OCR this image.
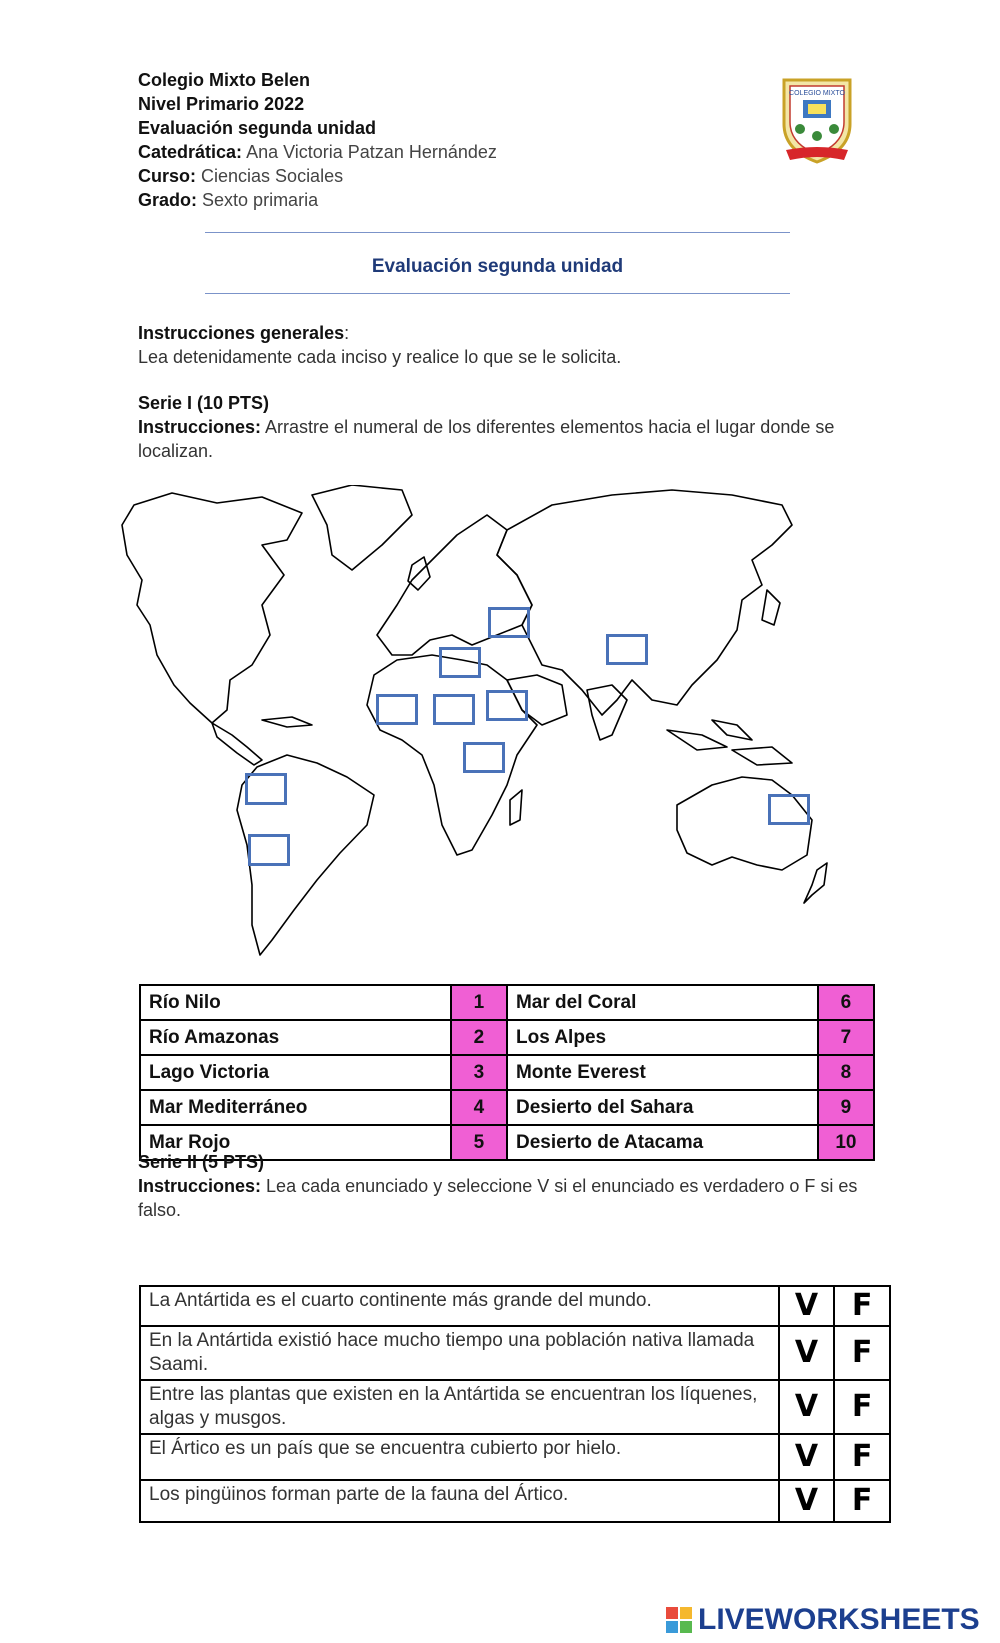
Colegio Mixto Belen
Nivel Primario 2022
Evaluación segunda unidad
Catedrática: Ana Victoria Patzan Hernández
Curso: Ciencias Sociales
Grado: Sexto primaria
COLEGIO MIXTO
Evaluación segunda unidad
Instrucciones generales:
Lea detenidamente cada inciso y realice lo que se le solicita.
Serie I (10 PTS)
Instrucciones: Arrastre el numeral de los diferentes elementos hacia el lugar donde se localizan.
Río Nilo	1	Mar del Coral	6
Río Amazonas	2	Los Alpes	7
Lago Victoria	3	Monte Everest	8
Mar Mediterráneo	4	Desierto del Sahara	9
Mar Rojo	5	Desierto de Atacama	10
Serie II (5 PTS)
Instrucciones: Lea cada enunciado y seleccione V si el enunciado es verdadero o F si es falso.
La Antártida es el cuarto continente más grande del mundo.	V	F
En la Antártida existió hace mucho tiempo una población nativa llamada Saami.	V	F
Entre las plantas que existen en la Antártida se encuentran los líquenes, algas y musgos.	V	F
El Ártico es un país que se encuentra cubierto por hielo.	V	F
Los pingüinos forman parte de la fauna del Ártico.	V	F
LIVEWORKSHEETS
